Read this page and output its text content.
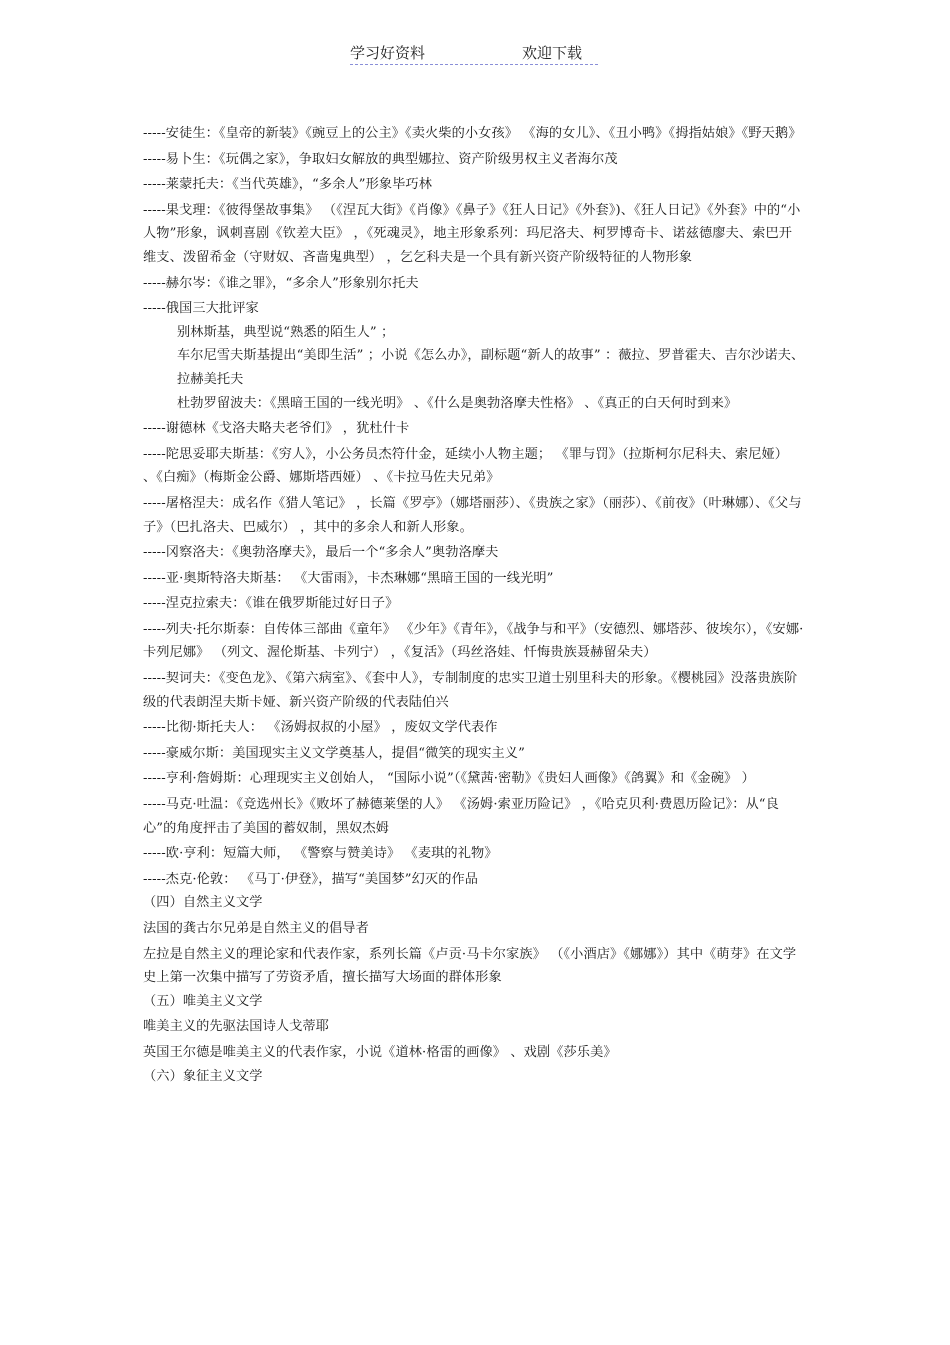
学习好资料	欢迎下载

-----安徒生：《皇帝的新装》《豌豆上的公主》《卖火柴的小女孩》 《海的女儿》、《丑小鸭》《拇指姑娘》《野天鹅》

-----易卜生：《玩偶之家》，争取妇女解放的典型娜拉、资产阶级男权主义者海尔茂

-----莱蒙托夫：《当代英雄》，“多余人”形象毕巧林

-----果戈理：《彼得堡故事集》 （《涅瓦大街》《肖像》《鼻子》《狂人日记》《外套》)、《狂人日记》《外套》中的“小人物”形象，讽刺喜剧《钦差大臣》 ，《死魂灵》，地主形象系列：玛尼洛夫、柯罗博奇卡、诺兹德廖夫、索巴开维支、泼留希金（守财奴、吝啬鬼典型） ，乞乞科夫是一个具有新兴资产阶级特征的人物形象

-----赫尔岑：《谁之罪》，“多余人”形象别尔托夫

-----俄国三大批评家

别林斯基，典型说“熟悉的陌生人” ；

车尔尼雪夫斯基提出“美即生活” ；小说《怎么办》，副标题“新人的故事” ：薇拉、罗普霍夫、吉尔沙诺夫、拉赫美托夫

杜勃罗留波夫：《黑暗王国的一线光明》 、《什么是奥勃洛摩夫性格》 、《真正的白天何时到来》

-----谢德林《戈洛夫略夫老爷们》 ，犹杜什卡

-----陀思妥耶夫斯基：《穷人》，小公务员杰符什金，延续小人物主题； 《罪与罚》（拉斯柯尔尼科夫、索尼娅） 、《白痴》（梅斯金公爵、娜斯塔西娅） 、《卡拉马佐夫兄弟》

-----屠格涅夫：成名作《猎人笔记》 ，长篇《罗亭》（娜塔丽莎）、《贵族之家》（丽莎）、《前夜》（叶琳娜）、《父与子》（巴扎洛夫、巴威尔） ，其中的多余人和新人形象。

-----冈察洛夫：《奥勃洛摩夫》，最后一个“多余人”奥勃洛摩夫

-----亚·奥斯特洛夫斯基： 《大雷雨》，卡杰琳娜“黑暗王国的一线光明”

-----涅克拉索夫：《谁在俄罗斯能过好日子》

-----列夫·托尔斯泰：自传体三部曲《童年》 《少年》《青年》，《战争与和平》（安德烈、娜塔莎、彼埃尔），《安娜·卡列尼娜》 （列文、渥伦斯基、卡列宁） ，《复活》（玛丝洛娃、忏悔贵族聂赫留朵夫）

-----契诃夫：《变色龙》、《第六病室》、《套中人》，专制制度的忠实卫道士别里科夫的形象。《樱桃园》没落贵族阶级的代表朗涅夫斯卡娅、新兴资产阶级的代表陆伯兴

-----比彻·斯托夫人： 《汤姆叔叔的小屋》 ，废奴文学代表作

-----豪威尔斯：美国现实主义文学奠基人，提倡“微笑的现实主义”

-----亨利·詹姆斯：心理现实主义创始人， “国际小说”（《黛茜·密勒》《贵妇人画像》《鸽翼》和《金碗》 ）

-----马克·吐温：《竞选州长》《败坏了赫德莱堡的人》 《汤姆·索亚历险记》 ，《哈克贝利·费恩历险记》：从“良心”的角度抨击了美国的蓄奴制，黑奴杰姆

-----欧·亨利：短篇大师， 《警察与赞美诗》 《麦琪的礼物》

-----杰克·伦敦： 《马丁·伊登》，描写“美国梦”幻灭的作品

（四）自然主义文学

法国的龚古尔兄弟是自然主义的倡导者

左拉是自然主义的理论家和代表作家，系列长篇《卢贡·马卡尔家族》 （《小酒店》《娜娜》）其中《萌芽》在文学史上第一次集中描写了劳资矛盾，擅长描写大场面的群体形象

（五）唯美主义文学

唯美主义的先驱法国诗人戈蒂耶

英国王尔德是唯美主义的代表作家，小说《道林·格雷的画像》 、戏剧《莎乐美》

（六）象征主义文学
